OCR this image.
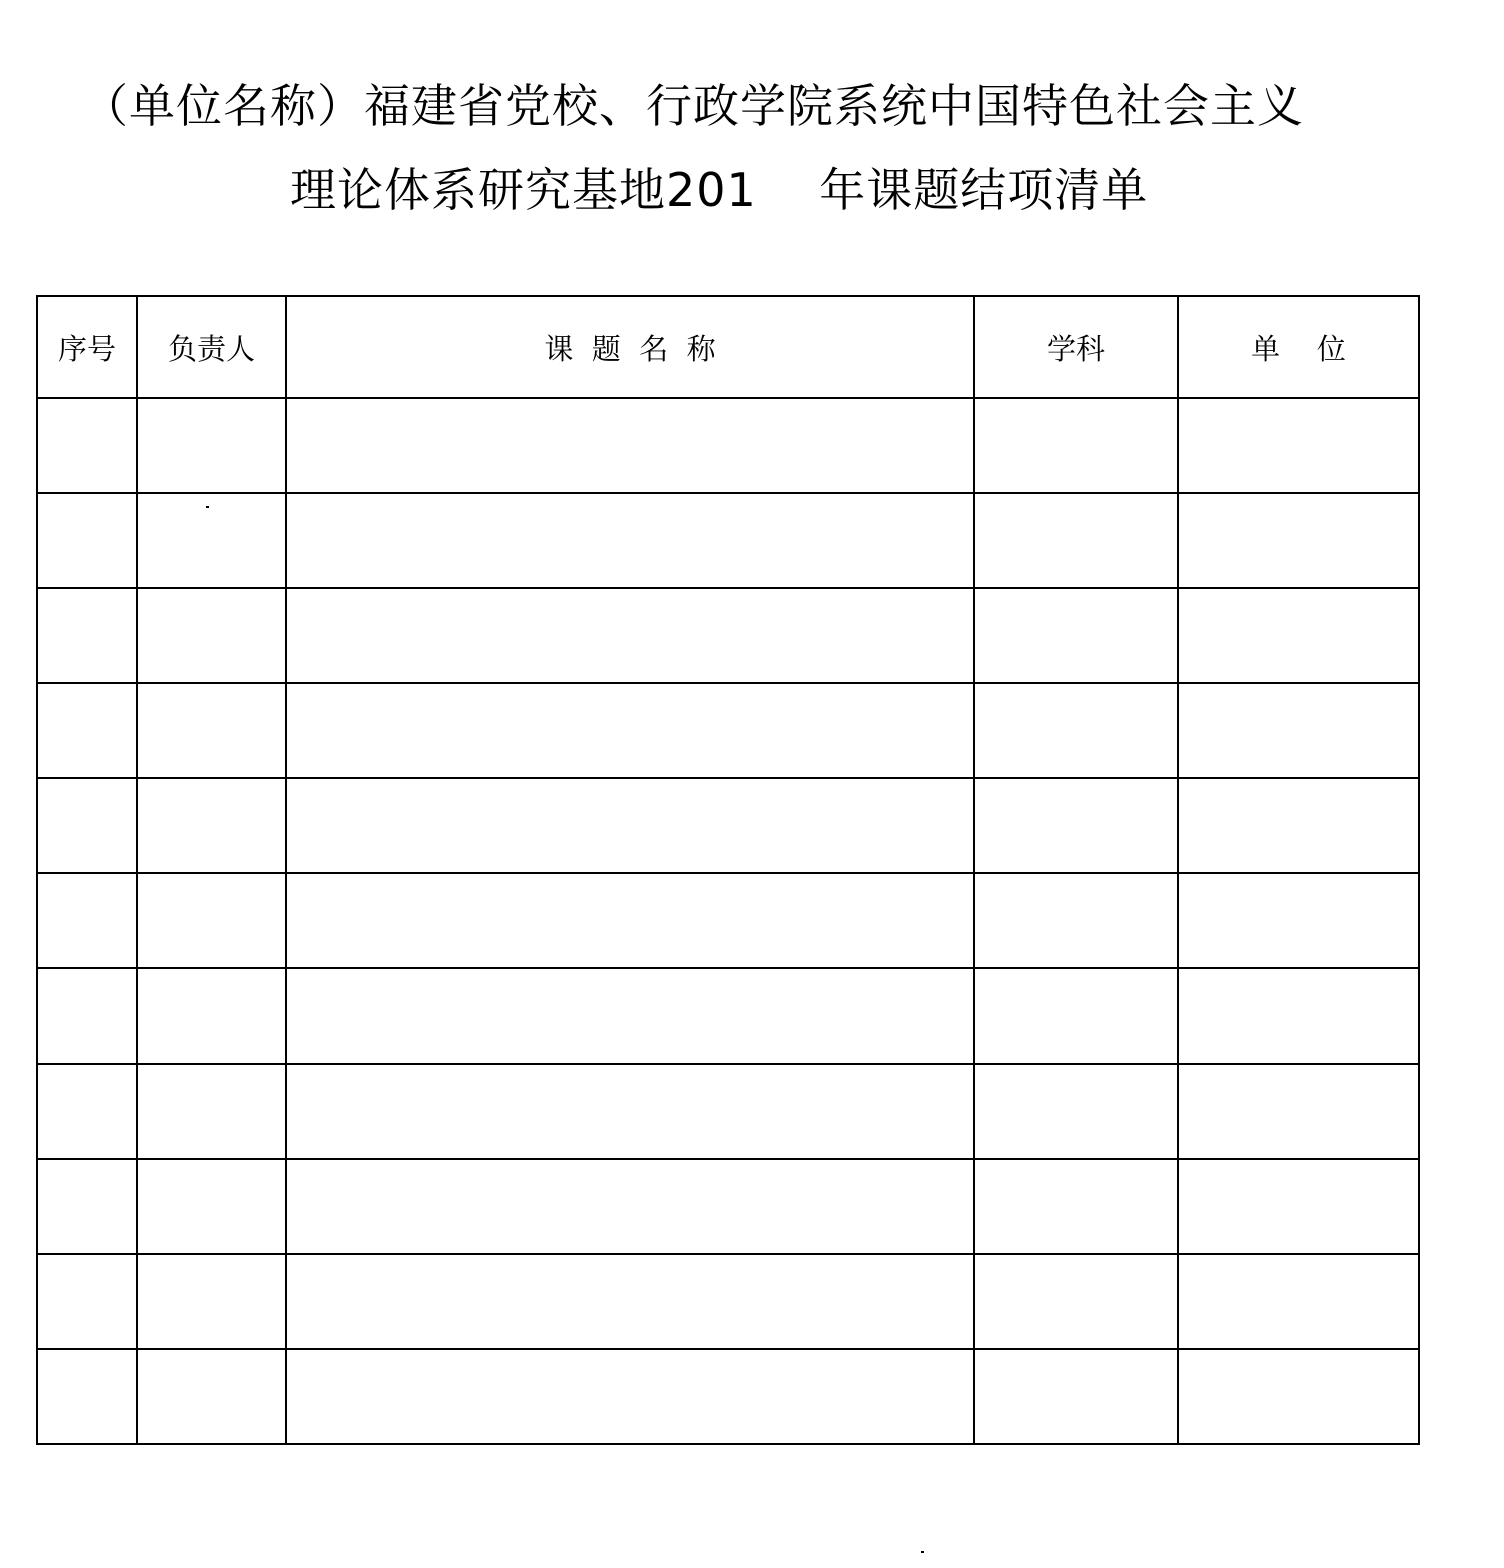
（单位名称）福建省党校、行政学院系统中国特色社会主义
理论体系研究基地201    年课题结项清单
序号	负责人	课  题  名  称	学科	单    位
